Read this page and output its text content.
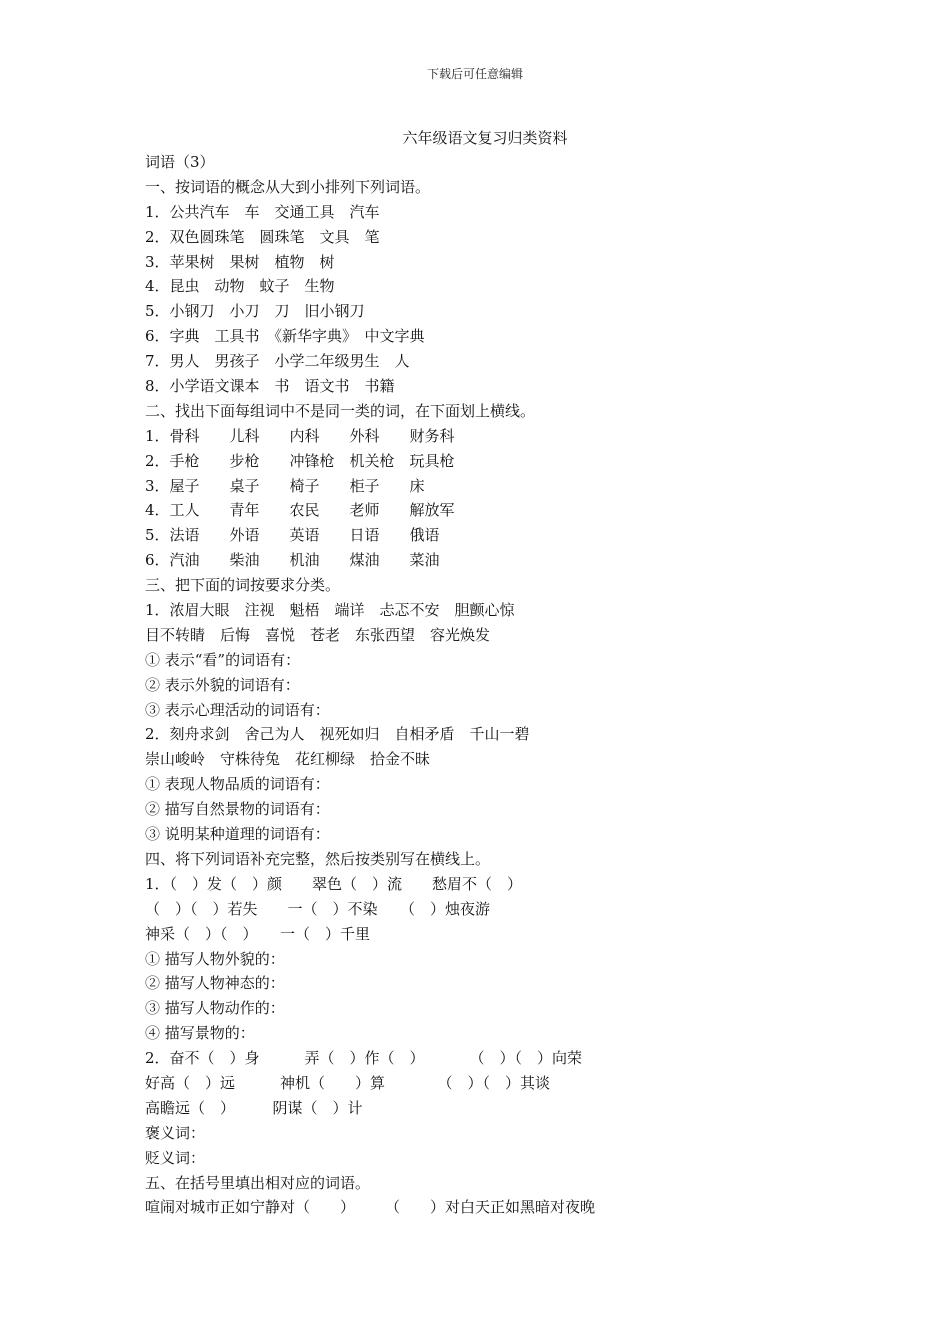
下载后可任意编辑
六年级语文复习归类资料
词语（3）
一、按词语的概念从大到小排列下列词语。
1．公共汽车　车　交通工具　汽车
2．双色圆珠笔　圆珠笔　文具　笔
3．苹果树　果树　植物　树
4．昆虫　动物　蚊子　生物
5．小钢刀　小刀　刀　旧小钢刀
6．字典　工具书　《新华字典》　中文字典
7．男人　男孩子　小学二年级男生　人
8．小学语文课本　书　语文书　书籍
二、找出下面每组词中不是同一类的词，在下面划上横线。
1．骨科　　儿科　　内科　　外科　　财务科
2．手枪　　步枪　　冲锋枪　机关枪　玩具枪
3．屋子　　桌子　　椅子　　柜子　　床
4．工人　　青年　　农民　　老师　　解放军
5．法语　　外语　　英语　　日语　　俄语
6．汽油　　柴油　　机油　　煤油　　菜油
三、把下面的词按要求分类。
1．浓眉大眼　注视　魁梧　端详　忐忑不安　胆颤心惊
目不转睛　后悔　喜悦　苍老　东张西望　容光焕发
① 表示“看”的词语有：
② 表示外貌的词语有：
③ 表示心理活动的词语有：
2．刻舟求剑　舍己为人　视死如归　自相矛盾　千山一碧
崇山峻岭　守株待兔　花红柳绿　拾金不昧
① 表现人物品质的词语有：
② 描写自然景物的词语有：
③ 说明某种道理的词语有：
四、将下列词语补充完整，然后按类别写在横线上。
1．（　）发（　）颜　　翠色（　）流　　愁眉不（　）
（　）（　）若失　　一（　）不染　　（　）烛夜游
神采（　）（　）　　一（　）千里
① 描写人物外貌的：
② 描写人物神态的：
③ 描写人物动作的：
④ 描写景物的：
2．奋不（　）身　　　弄（　）作（　）　　　　（　）（　）向荣
好高（　）远　　　神机（　　）算　　　　（　）（　）其谈
高瞻远（　）　　　阴谋（　）计
褒义词：
贬义词：
五、在括号里填出相对应的词语。
喧闹对城市正如宁静对（　　）　　　（　　）对白天正如黑暗对夜晚
